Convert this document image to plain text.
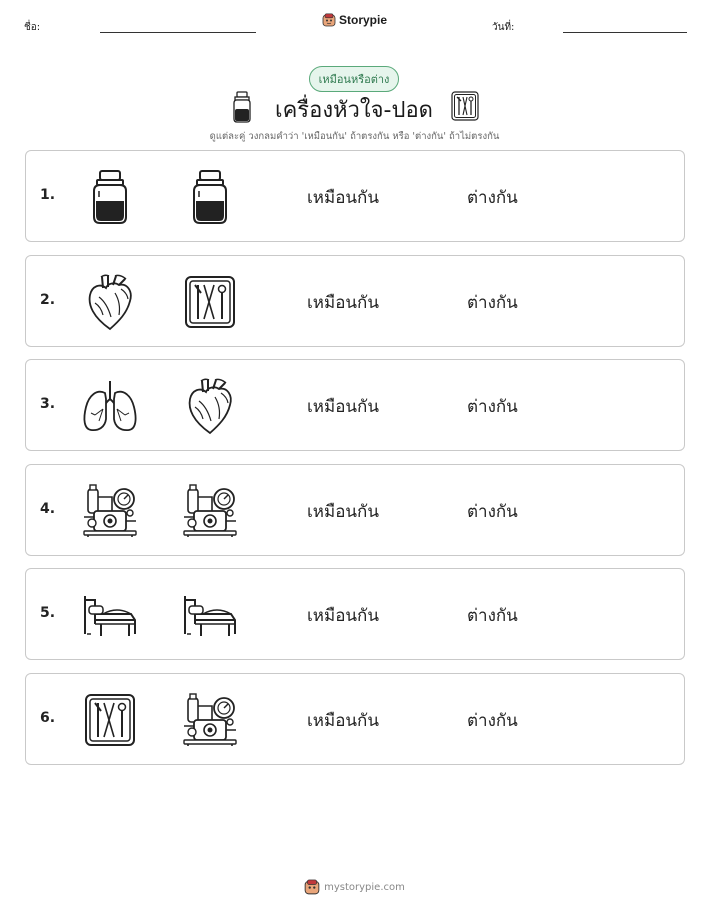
ชื่อ:
Storypie
วันที่:
เหมือนหรือต่าง
เครื่องหัวใจ-ปอด
ดูแต่ละคู่ วงกลมคำว่า 'เหมือนกัน' ถ้าตรงกัน หรือ 'ต่างกัน' ถ้าไม่ตรงกัน
1.	เหมือนกัน	ต่างกัน
2.	เหมือนกัน	ต่างกัน
3.	เหมือนกัน	ต่างกัน
4.	เหมือนกัน	ต่างกัน
5.	เหมือนกัน	ต่างกัน
6.	เหมือนกัน	ต่างกัน
mystorypie.com
